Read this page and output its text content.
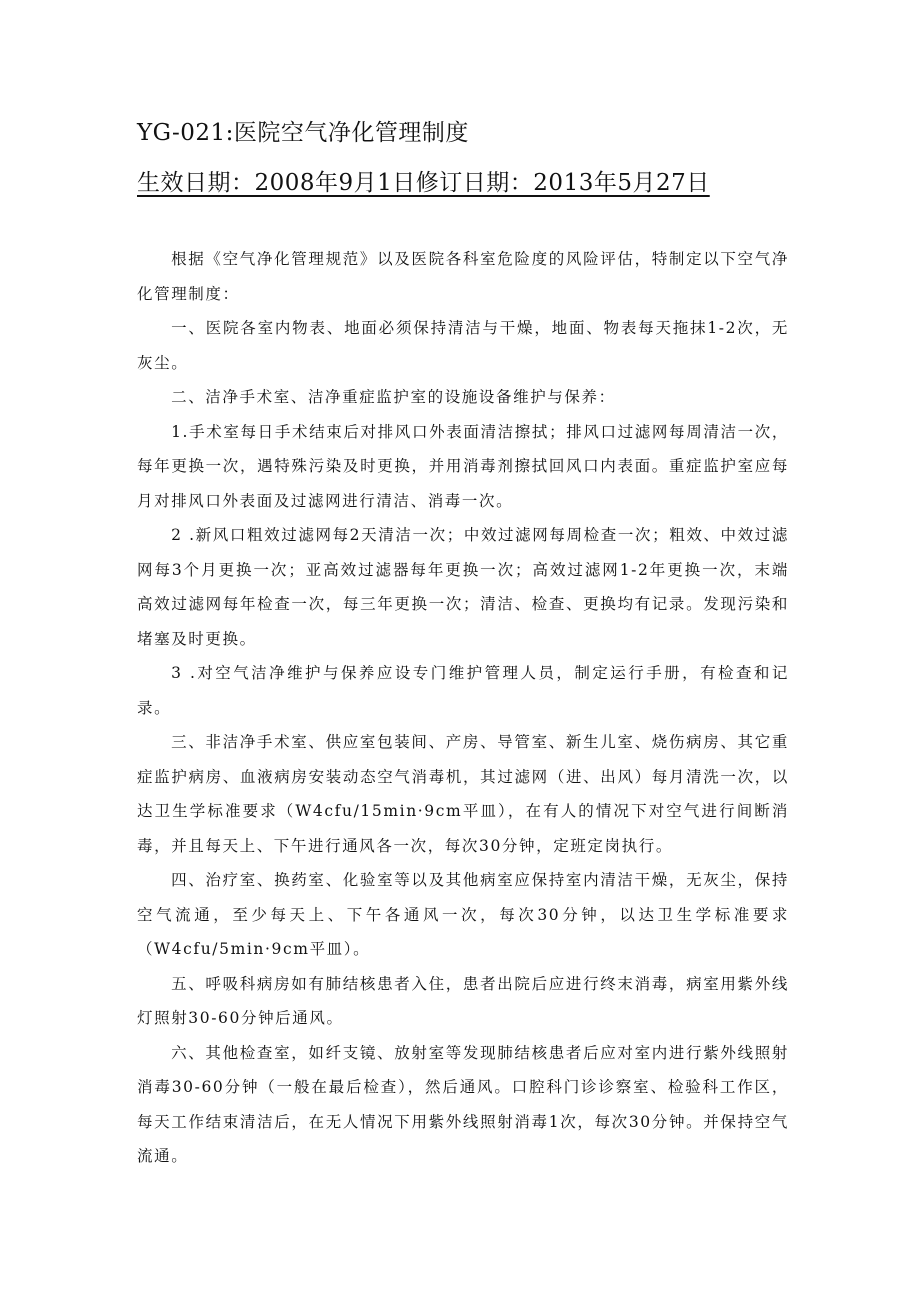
YG-021:医院空气净化管理制度
生效日期：2008年9月1日修订日期：2013年5月27日

根据《空气净化管理规范》以及医院各科室危险度的风险评估，特制定以下空气净化管理制度：

一、医院各室内物表、地面必须保持清洁与干燥，地面、物表每天拖抹1-2次，无灰尘。

二、洁净手术室、洁净重症监护室的设施设备维护与保养：

1.手术室每日手术结束后对排风口外表面清洁擦拭；排风口过滤网每周清洁一次，每年更换一次，遇特殊污染及时更换，并用消毒剂擦拭回风口内表面。重症监护室应每月对排风口外表面及过滤网进行清洁、消毒一次。

2 .新风口粗效过滤网每2天清洁一次；中效过滤网每周检查一次；粗效、中效过滤网每3个月更换一次；亚高效过滤器每年更换一次；高效过滤网1-2年更换一次，末端高效过滤网每年检查一次，每三年更换一次；清洁、检查、更换均有记录。发现污染和堵塞及时更换。

3 .对空气洁净维护与保养应设专门维护管理人员，制定运行手册，有检查和记录。

三、非洁净手术室、供应室包装间、产房、导管室、新生儿室、烧伤病房、其它重症监护病房、血液病房安装动态空气消毒机，其过滤网（进、出风）每月清洗一次，以达卫生学标准要求（W4cfu/15min·9cm平皿），在有人的情况下对空气进行间断消毒，并且每天上、下午进行通风各一次，每次30分钟，定班定岗执行。

四、治疗室、换药室、化验室等以及其他病室应保持室内清洁干燥，无灰尘，保持空气流通，至少每天上、下午各通风一次，每次30分钟，以达卫生学标准要求（W4cfu/5min·9cm平皿）。

五、呼吸科病房如有肺结核患者入住，患者出院后应进行终末消毒，病室用紫外线灯照射30-60分钟后通风。

六、其他检查室，如纤支镜、放射室等发现肺结核患者后应对室内进行紫外线照射消毒30-60分钟（一般在最后检查），然后通风。口腔科门诊诊察室、检验科工作区，每天工作结束清洁后，在无人情况下用紫外线照射消毒1次，每次30分钟。并保持空气流通。
